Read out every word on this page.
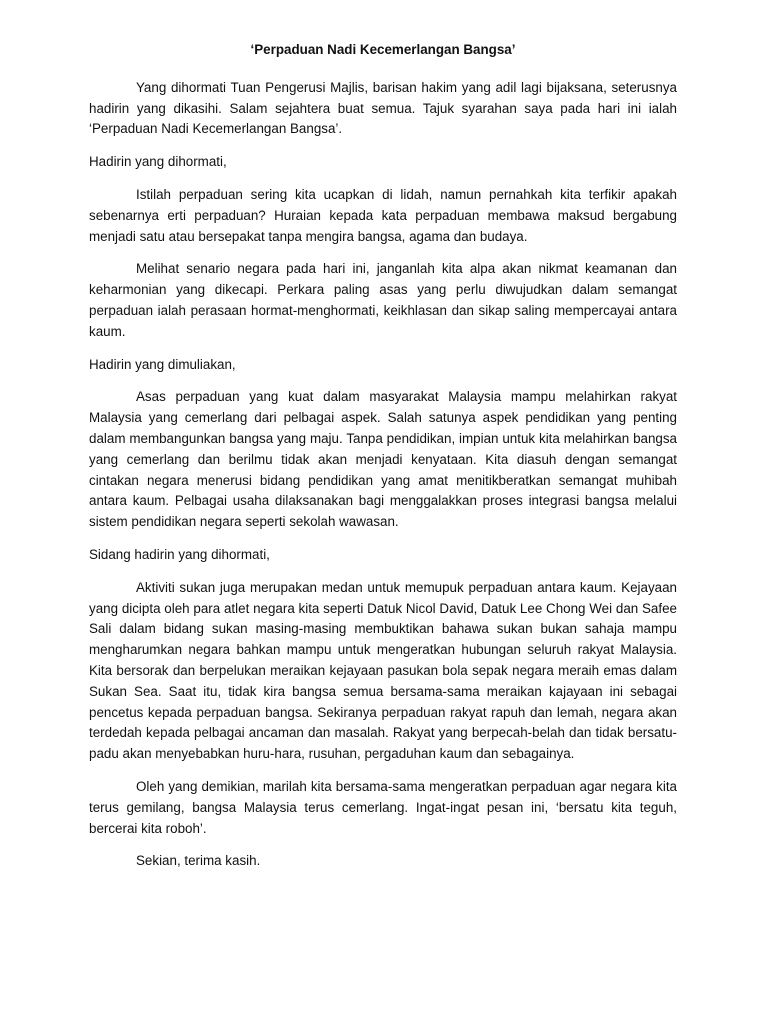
‘Perpaduan Nadi Kecemerlangan Bangsa’

Yang dihormati Tuan Pengerusi Majlis, barisan hakim yang adil lagi bijaksana, seterusnya hadirin yang dikasihi. Salam sejahtera buat semua. Tajuk syarahan saya pada hari ini ialah ‘Perpaduan Nadi Kecemerlangan Bangsa’.

Hadirin yang dihormati,

Istilah perpaduan sering kita ucapkan di lidah, namun pernahkah kita terfikir apakah sebenarnya erti perpaduan? Huraian kepada kata perpaduan membawa maksud bergabung menjadi satu atau bersepakat tanpa mengira bangsa, agama dan budaya.

Melihat senario negara pada hari ini, janganlah kita alpa akan nikmat keamanan dan keharmonian yang dikecapi. Perkara paling asas yang perlu diwujudkan dalam semangat perpaduan ialah perasaan hormat-menghormati, keikhlasan dan sikap saling mempercayai antara kaum.

Hadirin yang dimuliakan,

Asas perpaduan yang kuat dalam masyarakat Malaysia mampu melahirkan rakyat Malaysia yang cemerlang dari pelbagai aspek. Salah satunya aspek pendidikan yang penting dalam membangunkan bangsa yang maju. Tanpa pendidikan, impian untuk kita melahirkan bangsa yang cemerlang dan berilmu tidak akan menjadi kenyataan. Kita diasuh dengan semangat cintakan negara menerusi bidang pendidikan yang amat menitikberatkan semangat muhibah antara kaum. Pelbagai usaha dilaksanakan bagi menggalakkan proses integrasi bangsa melalui sistem pendidikan negara seperti sekolah wawasan.

Sidang hadirin yang dihormati,

Aktiviti sukan juga merupakan medan untuk memupuk perpaduan antara kaum. Kejayaan yang dicipta oleh para atlet negara kita seperti Datuk Nicol David, Datuk Lee Chong Wei dan Safee Sali dalam bidang sukan masing-masing membuktikan bahawa sukan bukan sahaja mampu mengharumkan negara bahkan mampu untuk mengeratkan hubungan seluruh rakyat Malaysia. Kita bersorak dan berpelukan meraikan kejayaan pasukan bola sepak negara meraih emas dalam Sukan Sea. Saat itu, tidak kira bangsa semua bersama-sama meraikan kajayaan ini sebagai pencetus kepada perpaduan bangsa. Sekiranya perpaduan rakyat rapuh dan lemah, negara akan terdedah kepada pelbagai ancaman dan masalah. Rakyat yang berpecah-belah dan tidak bersatu-padu akan menyebabkan huru-hara, rusuhan, pergaduhan kaum dan sebagainya.

Oleh yang demikian, marilah kita bersama-sama mengeratkan perpaduan agar negara kita terus gemilang, bangsa Malaysia terus cemerlang. Ingat-ingat pesan ini, ‘bersatu kita teguh, bercerai kita roboh’.

Sekian, terima kasih.
